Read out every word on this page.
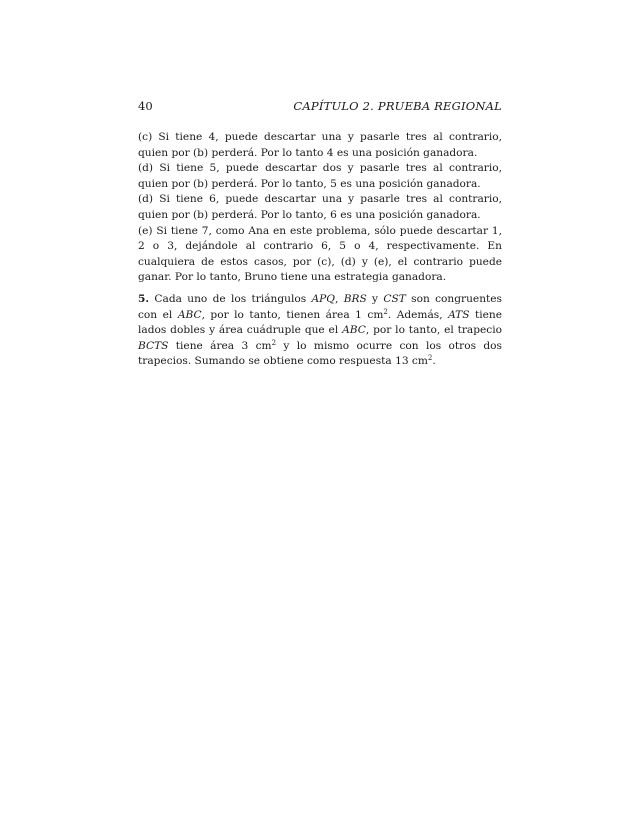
40	CAPÍTULO 2. PRUEBA REGIONAL

(c) Si tiene 4, puede descartar una y pasarle tres al contrario, quien por (b) perderá. Por lo tanto 4 es una posición ganadora.

(d) Si tiene 5, puede descartar dos y pasarle tres al contrario, quien por (b) perderá. Por lo tanto, 5 es una posición ganadora.

(d) Si tiene 6, puede descartar una y pasarle tres al contrario, quien por (b) perderá. Por lo tanto, 6 es una posición ganadora.

(e) Si tiene 7, como Ana en este problema, sólo puede descartar 1, 2 o 3, dejándole al contrario 6, 5 o 4, respectivamente. En cualquiera de estos casos, por (c), (d) y (e), el contrario puede ganar. Por lo tanto, Bruno tiene una estrategia ganadora.

5. Cada uno de los triángulos APQ, BRS y CST son congruentes con el ABC, por lo tanto, tienen área 1 $cm^2$. Además, ATS tiene lados dobles y área cuádruple que el ABC, por lo tanto, el trapecio BCTS tiene área 3 $cm^2$ y lo mismo ocurre con los otros dos trapecios. Sumando se obtiene como respuesta 13 $cm^2$.
